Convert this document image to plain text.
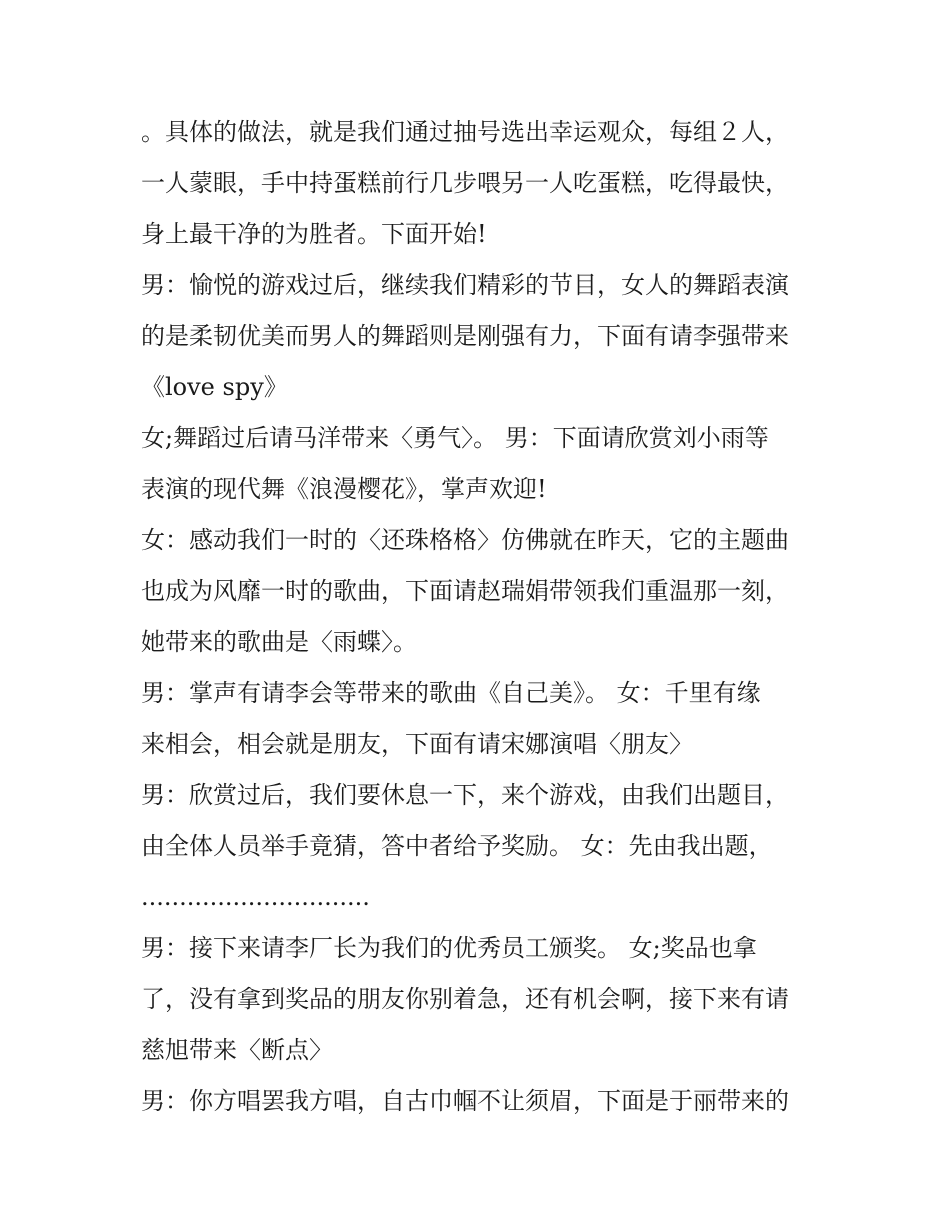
。具体的做法，就是我们通过抽号选出幸运观众，每组２人，
一人蒙眼，手中持蛋糕前行几步喂另一人吃蛋糕，吃得最快，
身上最干净的为胜者。下面开始!
男：愉悦的游戏过后，继续我们精彩的节目，女人的舞蹈表演
的是柔韧优美而男人的舞蹈则是刚强有力，下面有请李强带来
《love spy》
女;舞蹈过后请马洋带来〈勇气〉。 男：下面请欣赏刘小雨等
表演的现代舞《浪漫樱花》，掌声欢迎!
女：感动我们一时的〈还珠格格〉仿佛就在昨天，它的主题曲
也成为风靡一时的歌曲，下面请赵瑞娟带领我们重温那一刻，
她带来的歌曲是〈雨蝶〉。
男：掌声有请李会等带来的歌曲《自己美》。 女：千里有缘
来相会，相会就是朋友，下面有请宋娜演唱〈朋友〉
男：欣赏过后，我们要休息一下，来个游戏，由我们出题目，
由全体人员举手竟猜，答中者给予奖励。 女：先由我出题，
..............................
男：接下来请李厂长为我们的优秀员工颁奖。 女;奖品也拿
了，没有拿到奖品的朋友你别着急，还有机会啊，接下来有请
慈旭带来〈断点〉
男：你方唱罢我方唱，自古巾帼不让须眉，下面是于丽带来的
